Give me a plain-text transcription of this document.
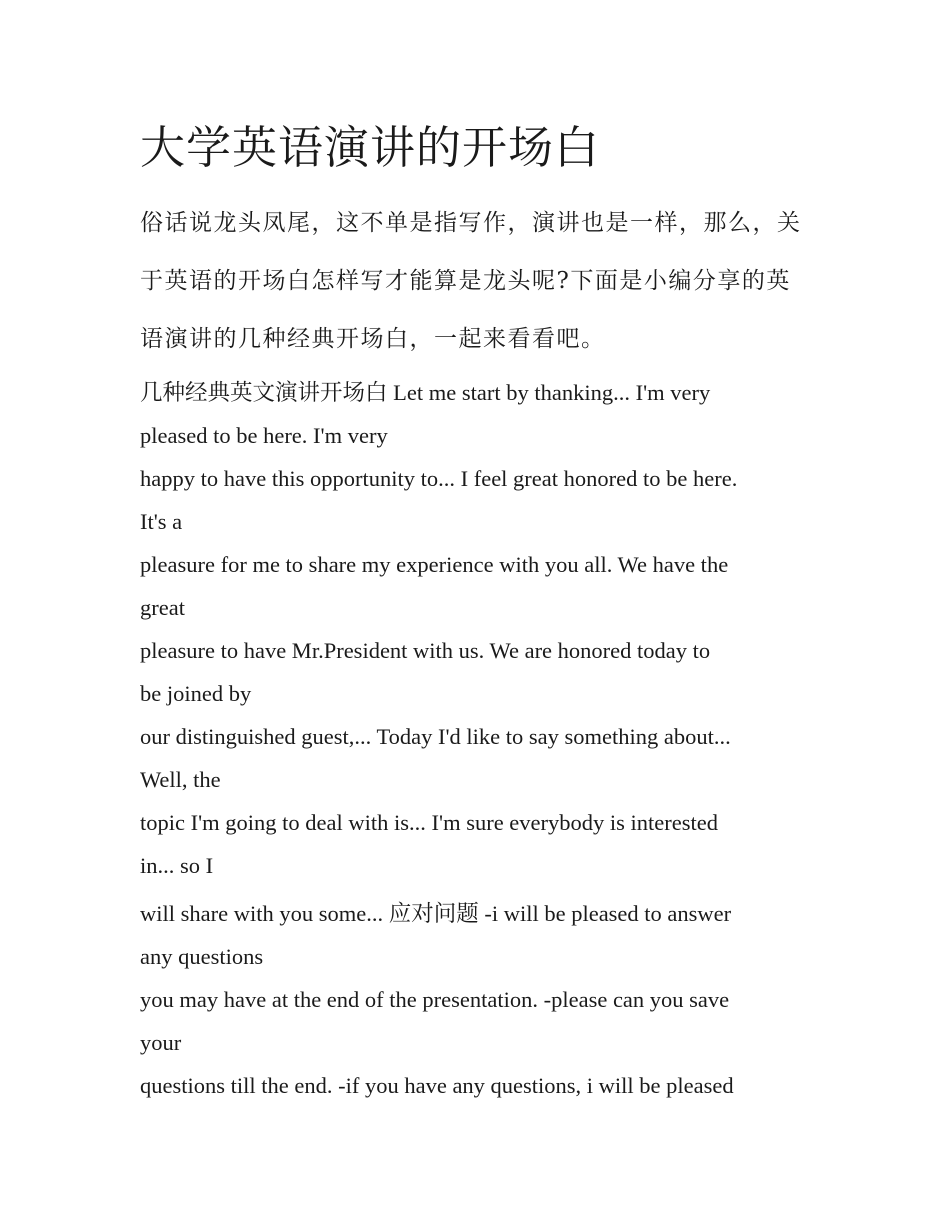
大学英语演讲的开场白

俗话说龙头凤尾，这不单是指写作，演讲也是一样，那么，关

于英语的开场白怎样写才能算是龙头呢?下面是小编分享的英

语演讲的几种经典开场白，一起来看看吧。

几种经典英文演讲开场白 Let me start by thanking... I'm very

pleased to be here. I'm very

happy to have this opportunity to... I feel great honored to be here.

It's a

pleasure for me to share my experience with you all. We have the

great

pleasure to have Mr.President with us. We are honored today to

be joined by

our distinguished guest,... Today I'd like to say something about...

Well, the

topic I'm going to deal with is... I'm sure everybody is interested

in... so I

will share with you some... 应对问题 -i will be pleased to answer

any questions

you may have at the end of the presentation. -please can you save

your

questions till the end. -if you have any questions, i will be pleased
